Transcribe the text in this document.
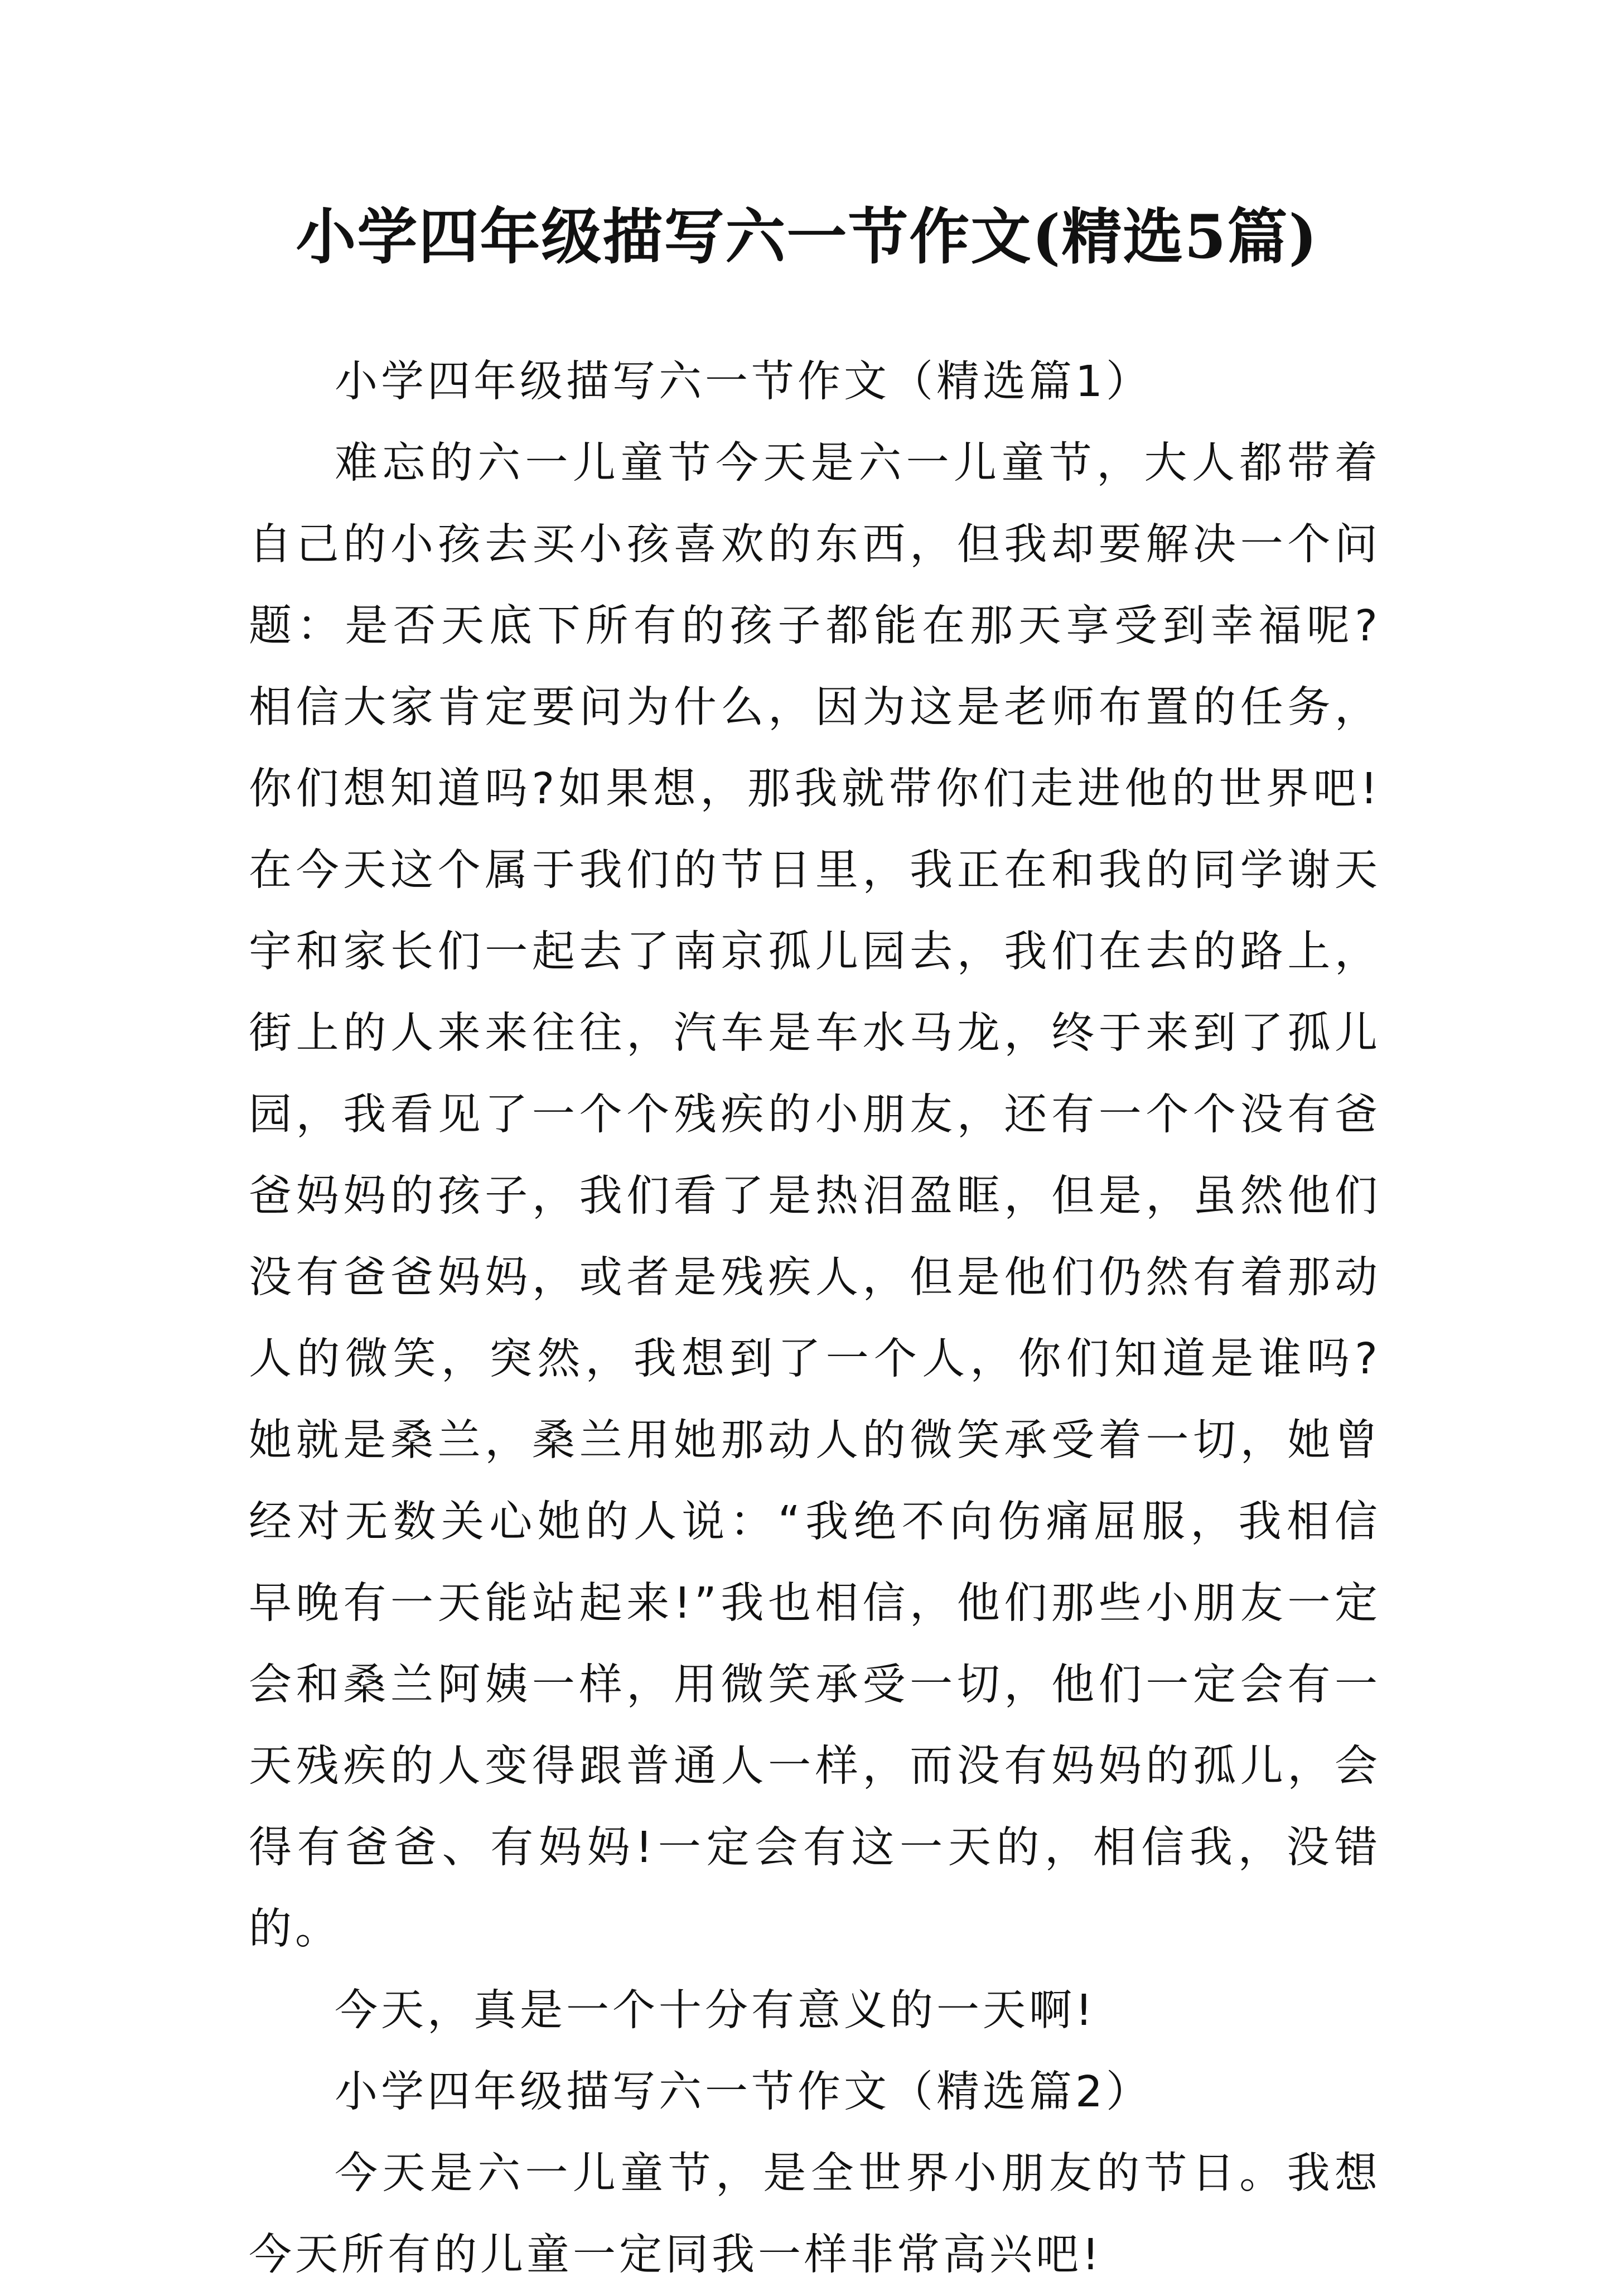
小学四年级描写六一节作文(精选5篇)

小学四年级描写六一节作文（精选篇1）

难忘的六一儿童节今天是六一儿童节，大人都带着自己的小孩去买小孩喜欢的东西，但我却要解决一个问题：是否天底下所有的孩子都能在那天享受到幸福呢?相信大家肯定要问为什么，因为这是老师布置的任务，你们想知道吗?如果想，那我就带你们走进他的世界吧!在今天这个属于我们的节日里，我正在和我的同学谢天宇和家长们一起去了南京孤儿园去，我们在去的路上，街上的人来来往往，汽车是车水马龙，终于来到了孤儿园，我看见了一个个残疾的小朋友，还有一个个没有爸爸妈妈的孩子，我们看了是热泪盈眶，但是，虽然他们没有爸爸妈妈，或者是残疾人，但是他们仍然有着那动人的微笑，突然，我想到了一个人，你们知道是谁吗?她就是桑兰，桑兰用她那动人的微笑承受着一切，她曾经对无数关心她的人说：“我绝不向伤痛屈服，我相信早晚有一天能站起来!”我也相信，他们那些小朋友一定会和桑兰阿姨一样，用微笑承受一切，他们一定会有一天残疾的人变得跟普通人一样，而没有妈妈的孤儿，会得有爸爸、有妈妈!一定会有这一天的，相信我，没错的。

今天，真是一个十分有意义的一天啊!

小学四年级描写六一节作文（精选篇2）

今天是六一儿童节，是全世界小朋友的节日。我想今天所有的儿童一定同我一样非常高兴吧!
